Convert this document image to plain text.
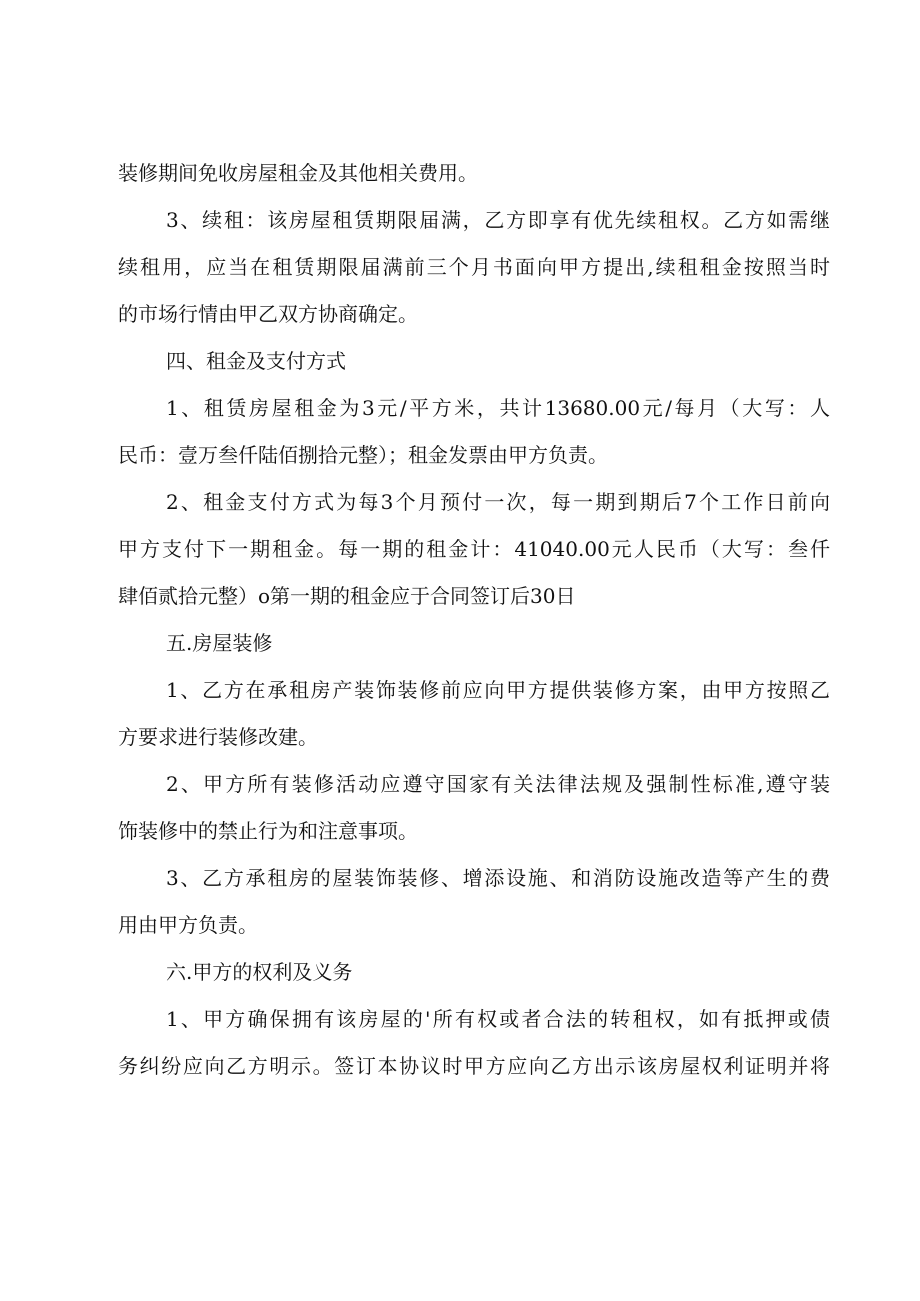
装修期间免收房屋租金及其他相关费用。
3、续租：该房屋租赁期限届满，乙方即享有优先续租权。乙方如需继
续租用，应当在租赁期限届满前三个月书面向甲方提出,续租租金按照当时
的市场行情由甲乙双方协商确定。
四、租金及支付方式
1、租赁房屋租金为3元/平方米，共计13680.00元/每月（大写：人
民币：壹万叁仟陆佰捌拾元整）；租金发票由甲方负责。
2、租金支付方式为每3个月预付一次，每一期到期后7个工作日前向
甲方支付下一期租金。每一期的租金计：41040.00元人民币（大写：叁仟
肆佰贰拾元整）o第一期的租金应于合同签订后30日
五.房屋装修
1、乙方在承租房产装饰装修前应向甲方提供装修方案，由甲方按照乙
方要求进行装修改建。
2、甲方所有装修活动应遵守国家有关法律法规及强制性标准,遵守装
饰装修中的禁止行为和注意事项。
3、乙方承租房的屋装饰装修、增添设施、和消防设施改造等产生的费
用由甲方负责。
六.甲方的权利及义务
1、甲方确保拥有该房屋的'所有权或者合法的转租权，如有抵押或债
务纠纷应向乙方明示。签订本协议时甲方应向乙方出示该房屋权利证明并将
